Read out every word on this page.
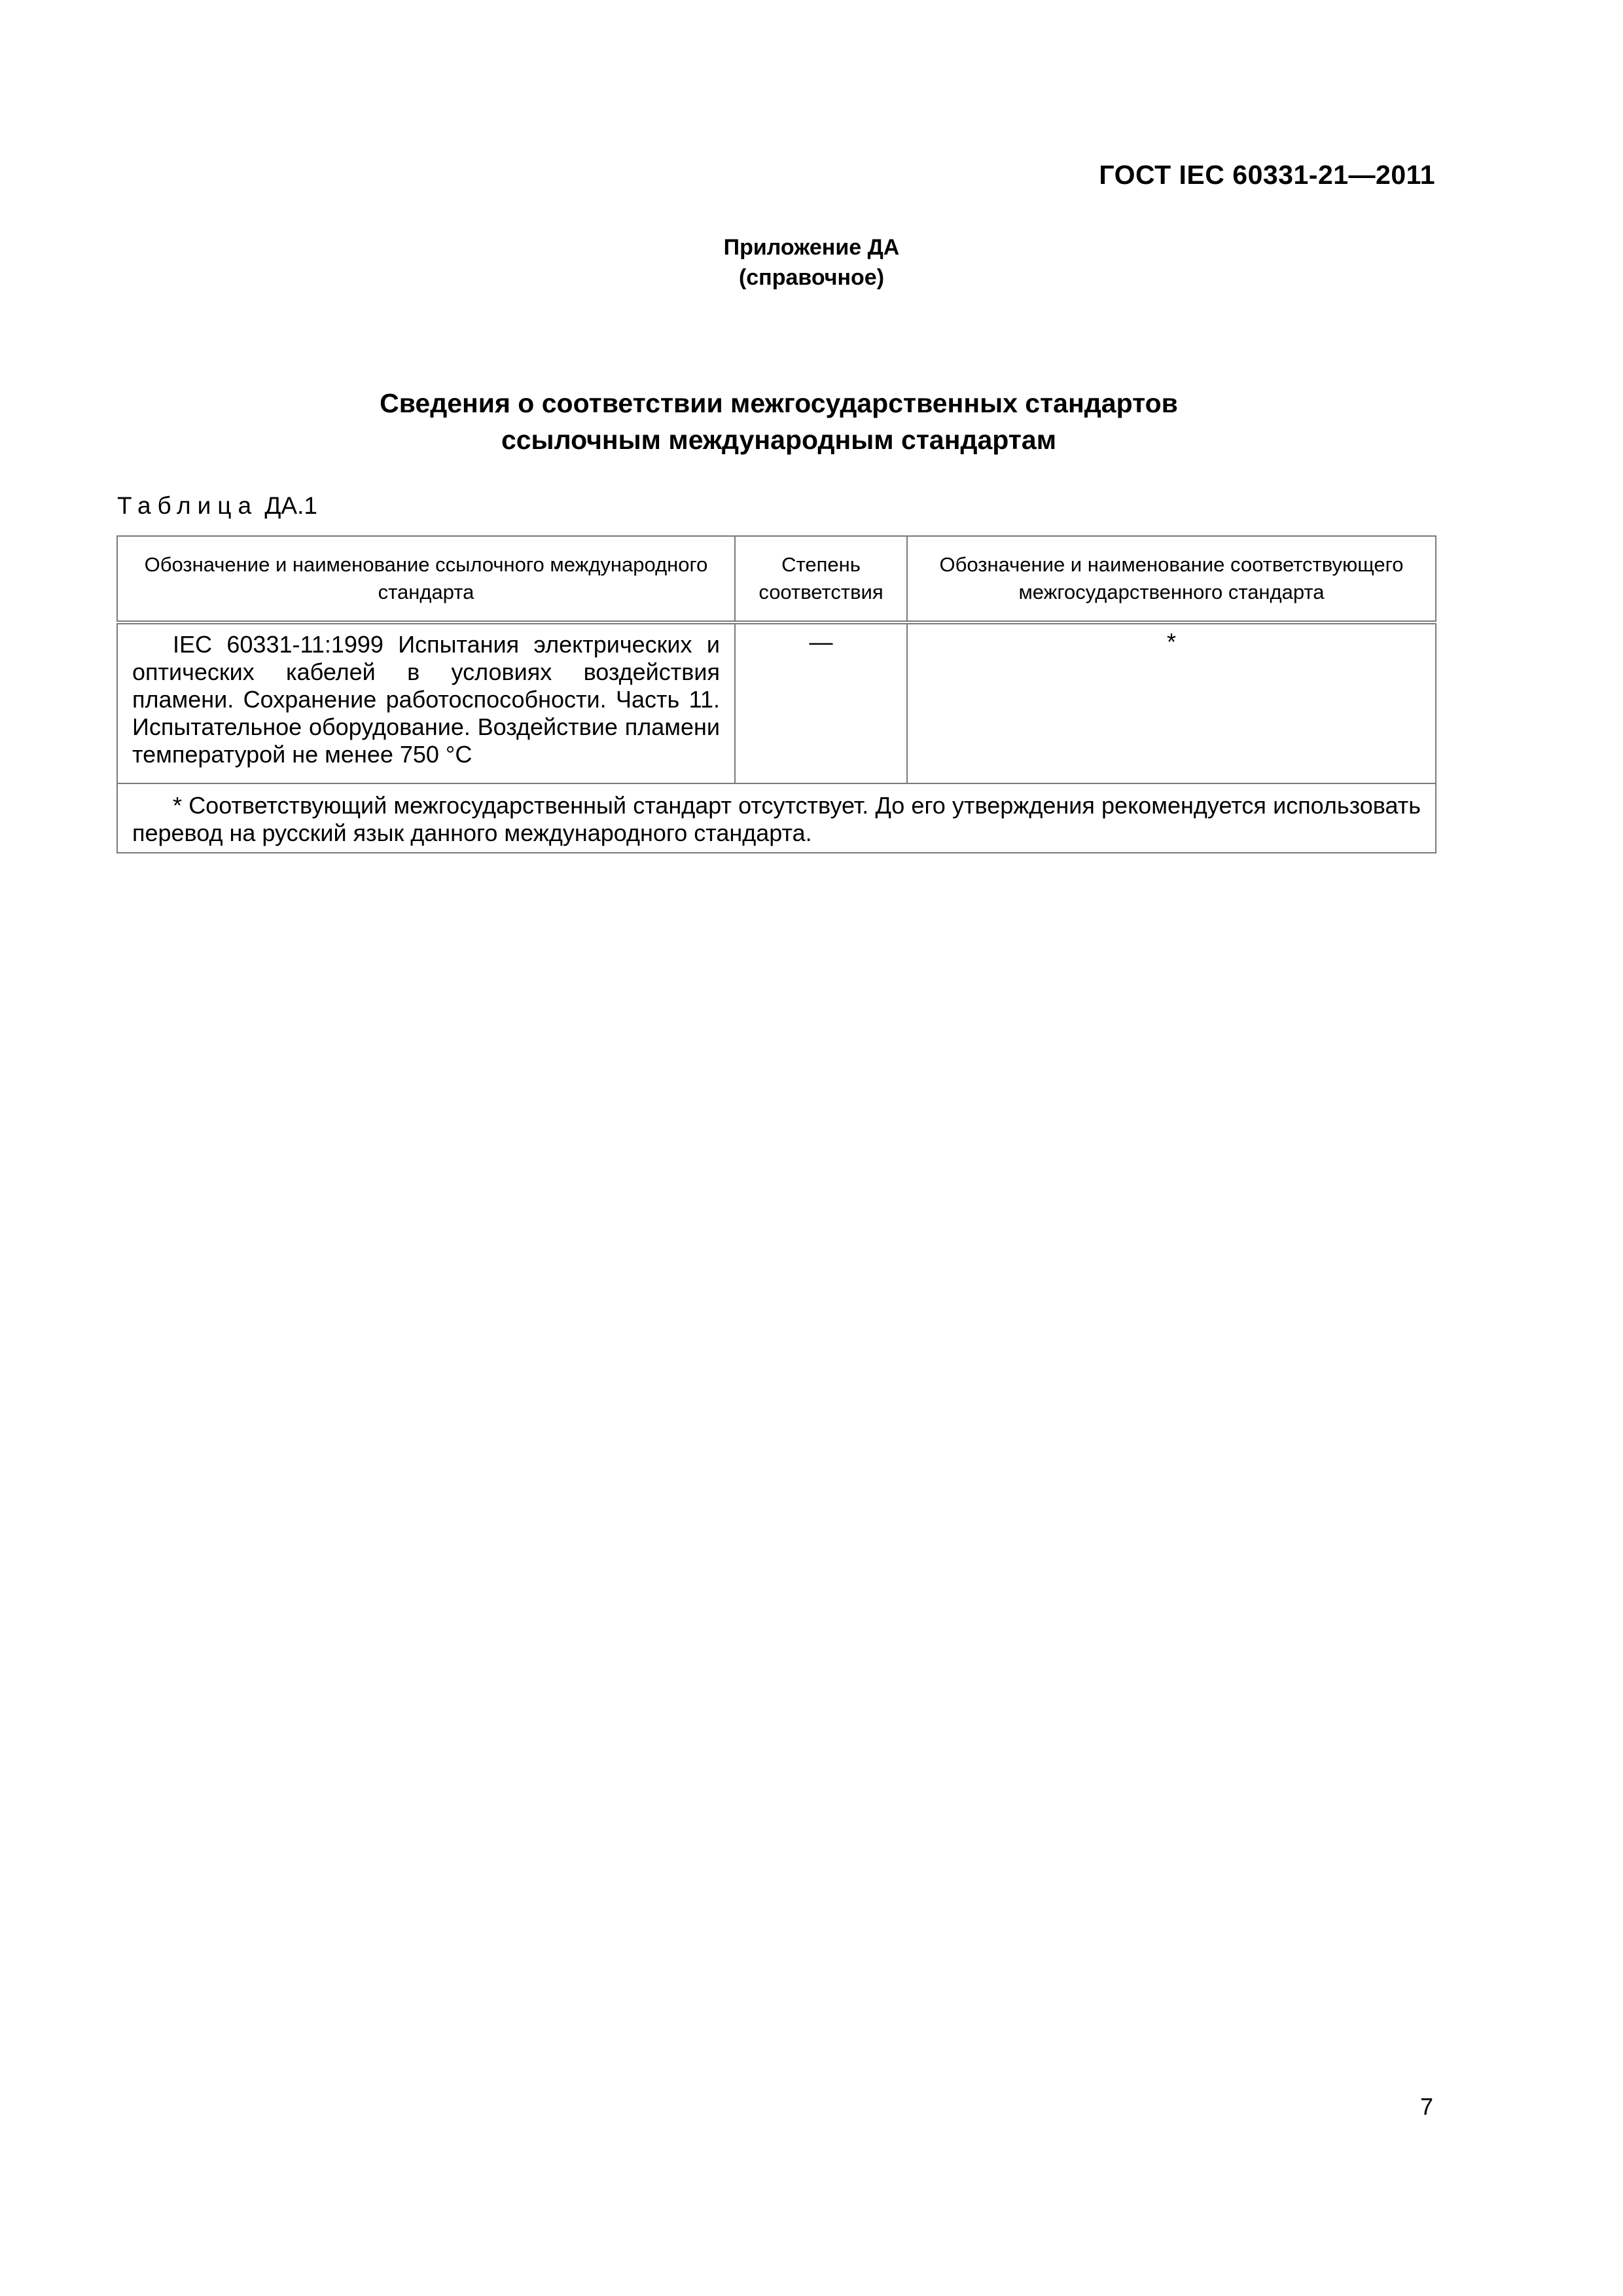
ГОСТ IEC 60331-21—2011
Приложение ДА
(справочное)
Сведения о соответствии межгосударственных стандартов
ссылочным международным стандартам
Таблица ДА.1
Обозначение и наименование ссылочного международного стандарта	Степень соответствия	Обозначение и наименование соответствующего межгосударственного стандарта
IEC 60331-11:1999 Испытания электрических и оптических кабелей в условиях воздействия пламени. Сохранение работоспособности. Часть 11. Испытательное оборудование. Воздействие пламени температурой не менее 750 °С	—	*
* Соответствующий межгосударственный стандарт отсутствует. До его утверждения рекомендуется использовать перевод на русский язык данного международного стандарта.		
7
